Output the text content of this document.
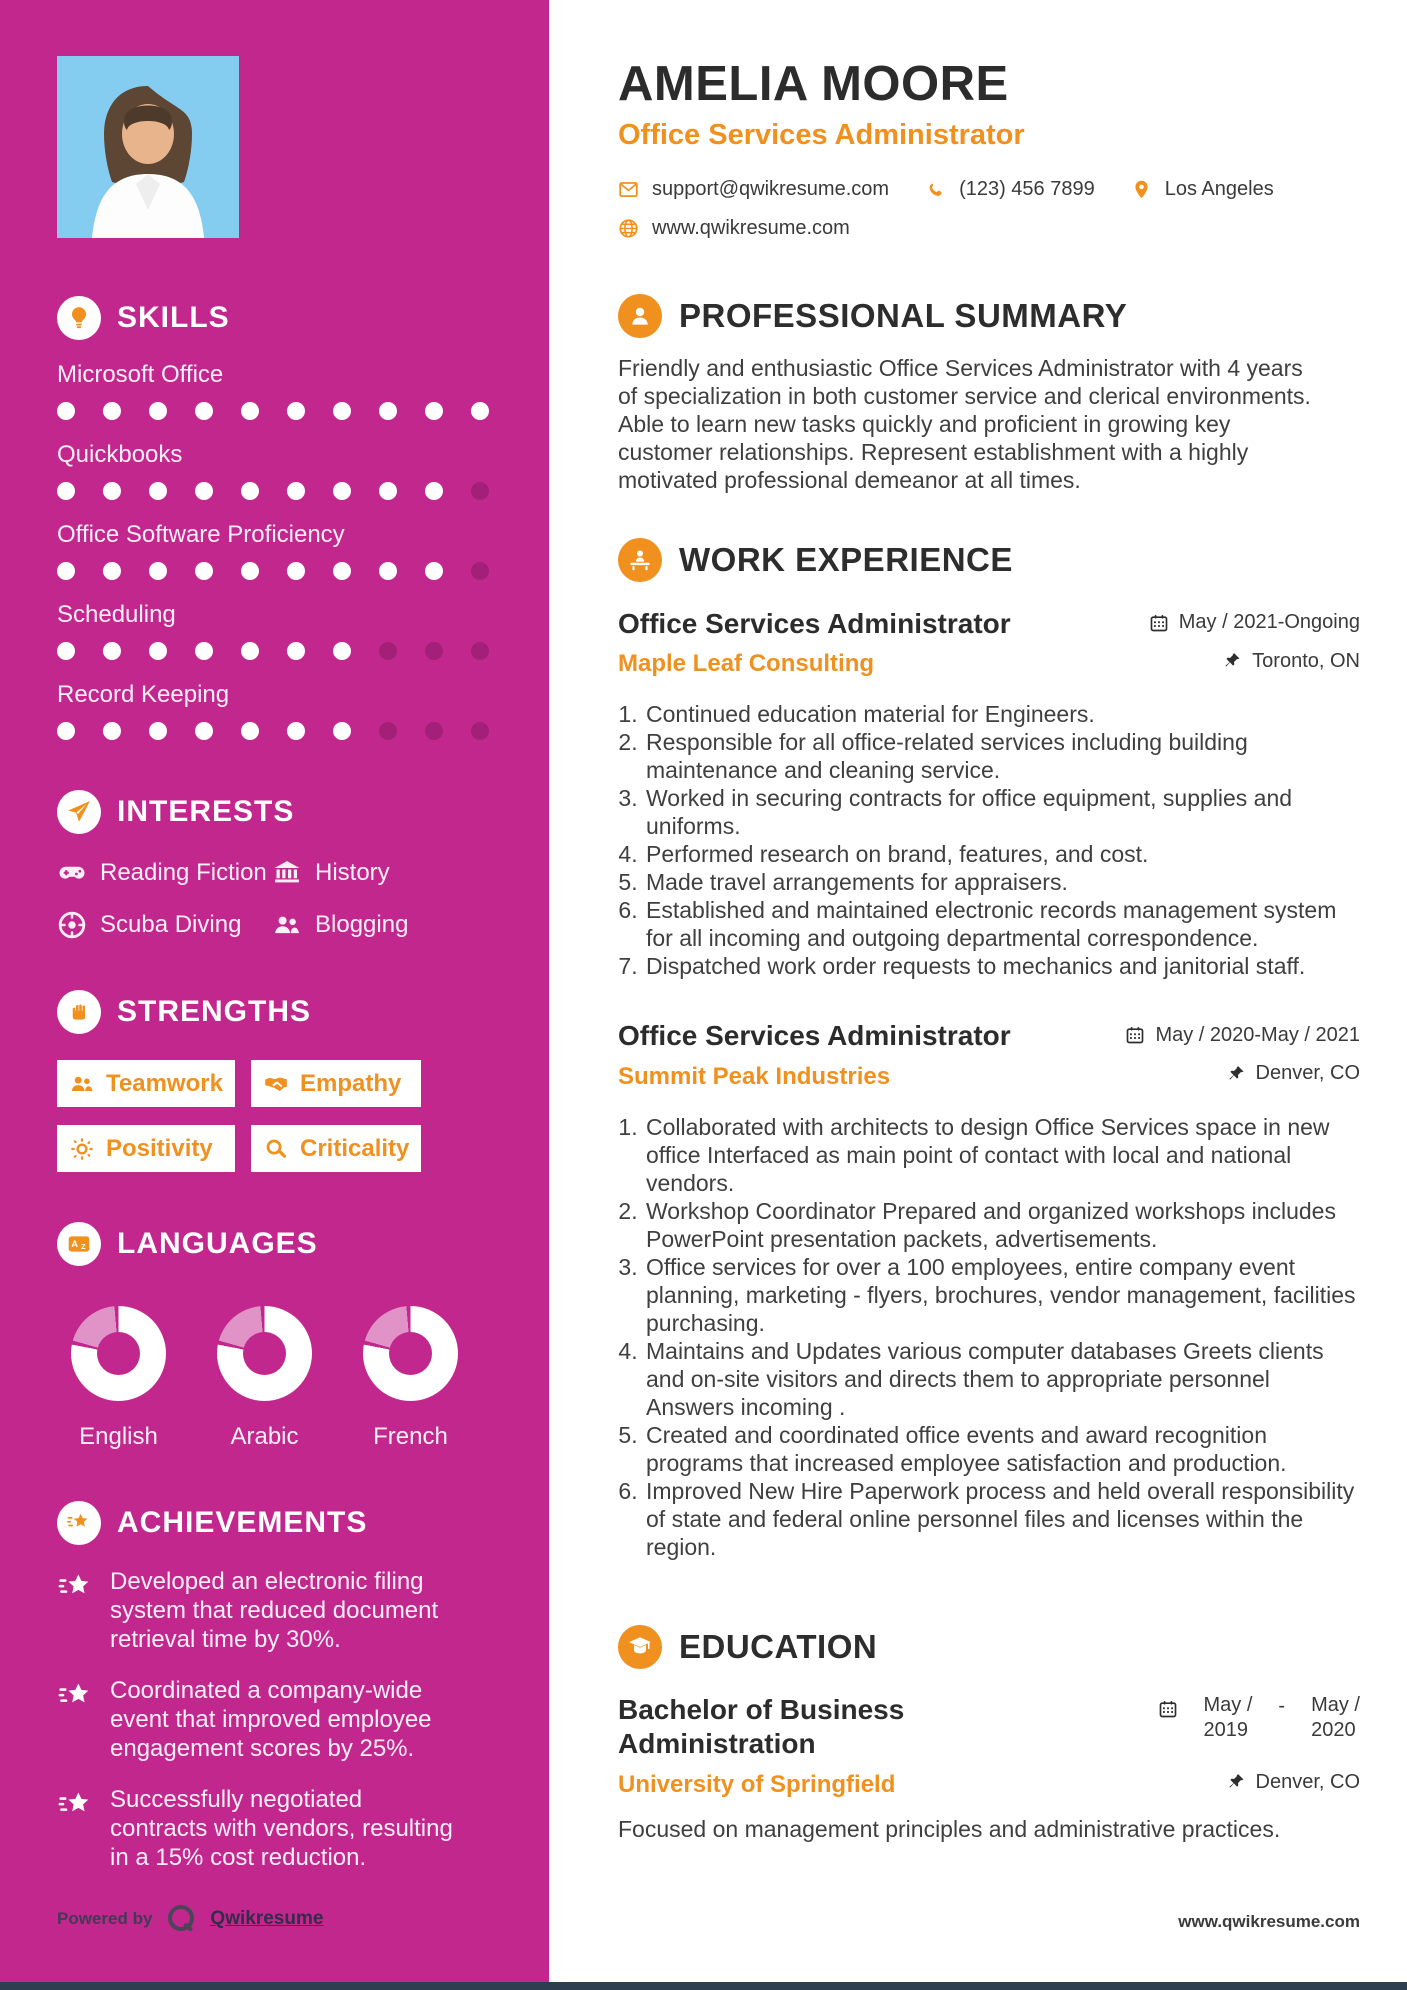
SKILLS
Microsoft Office
Quickbooks
Office Software Proficiency
Scheduling
Record Keeping
INTERESTS
Reading Fiction History
Scuba Diving	Blogging
STRENGTHS
Teamwork	Empathy
Positivity	Criticality
A Z LANGUAGES
English	Arabic	French
ACHIEVEMENTS
Developed an electronic filing system that reduced document retrieval time by 30%.
Coordinated a company-wide event that improved employee engagement scores by 25%.
Successfully negotiated contracts with vendors, resulting in a 15% cost reduction.
Powered by	Qwikresume
AMELIA MOORE
Office Services Administrator
support@qwikresume.com	(123) 456 7899	Los Angeles
www.qwikresume.com
PROFESSIONAL SUMMARY
Friendly and enthusiastic Office Services Administrator with 4 years of specialization in both customer service and clerical environments. Able to learn new tasks quickly and proficient in growing key customer relationships. Represent establishment with a highly motivated professional demeanor at all times.
WORK EXPERIENCE
Office Services Administrator	May / 2021-Ongoing
Maple Leaf Consulting	Toronto, ON
1. Continued education material for Engineers.
2. Responsible for all office-related services including building maintenance and cleaning service.
3. Worked in securing contracts for office equipment, supplies and uniforms.
4. Performed research on brand, features, and cost.
5. Made travel arrangements for appraisers.
6. Established and maintained electronic records management system for all incoming and outgoing departmental correspondence.
7. Dispatched work order requests to mechanics and janitorial staff.
Office Services Administrator	May / 2020-May / 2021
Summit Peak Industries	Denver, CO
1. Collaborated with architects to design Office Services space in new office Interfaced as main point of contact with local and national vendors.
2. Workshop Coordinator Prepared and organized workshops includes PowerPoint presentation packets, advertisements.
3. Office services for over a 100 employees, entire company event planning, marketing - flyers, brochures, vendor management, facilities purchasing.
4. Maintains and Updates various computer databases Greets clients and on-site visitors and directs them to appropriate personnel Answers incoming .
5. Created and coordinated office events and award recognition programs that increased employee satisfaction and production.
6. Improved New Hire Paperwork process and held overall responsibility of state and federal online personnel files and licenses within the region.
EDUCATION
Bachelor of Business Administration
May /
2019
- May /
2020
University of Springfield	Denver, CO
Focused on management principles and administrative practices.
www.qwikresume.com
